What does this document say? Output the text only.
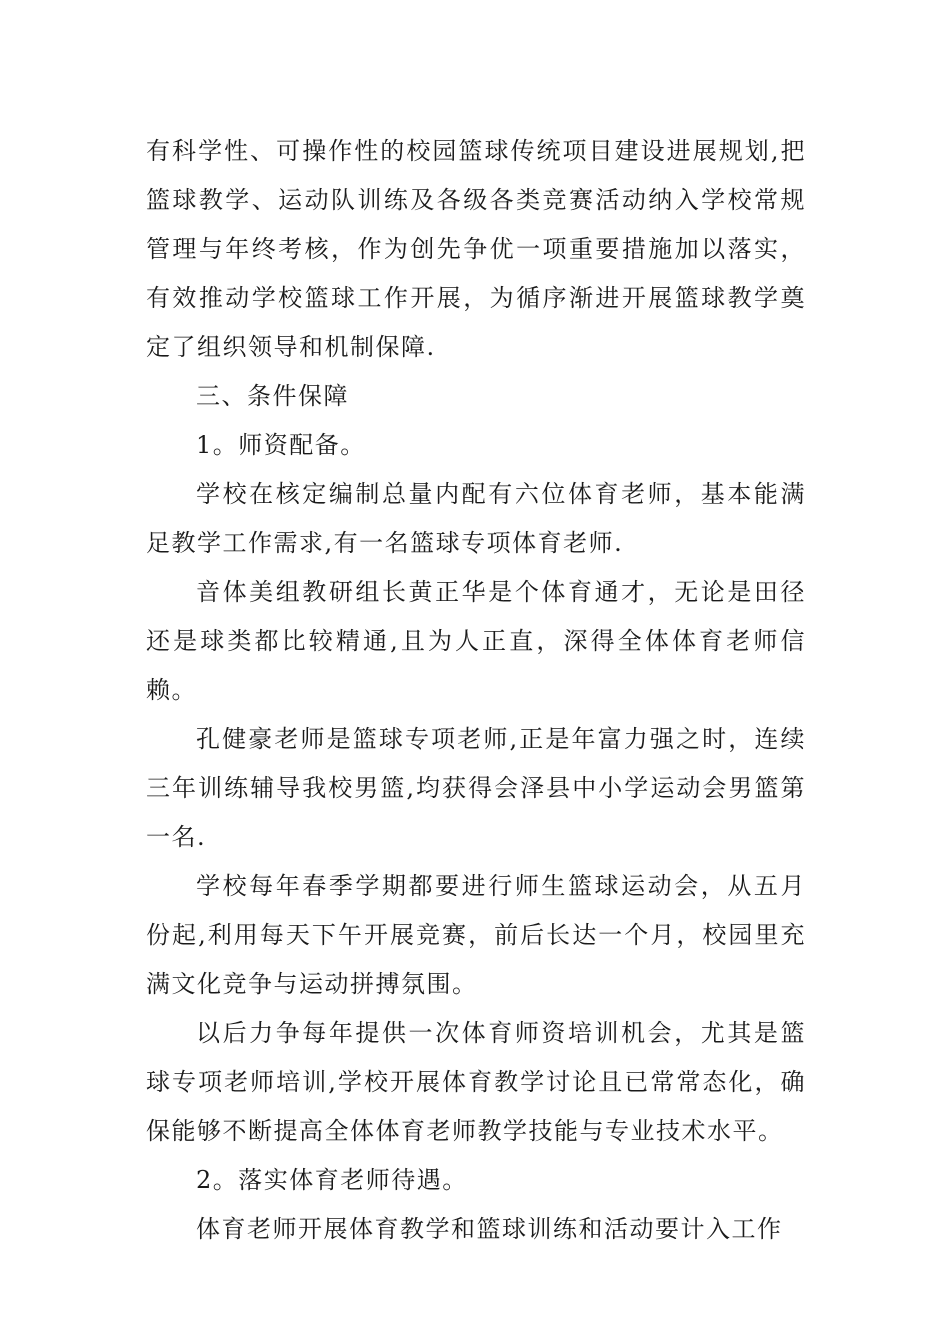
有科学性、可操作性的校园篮球传统项目建设进展规划,把篮球教学、运动队训练及各级各类竞赛活动纳入学校常规管理与年终考核，作为创先争优一项重要措施加以落实，有效推动学校篮球工作开展，为循序渐进开展篮球教学奠定了组织领导和机制保障.

三、条件保障

1。师资配备。

学校在核定编制总量内配有六位体育老师，基本能满足教学工作需求,有一名篮球专项体育老师.

音体美组教研组长黄正华是个体育通才，无论是田径还是球类都比较精通,且为人正直，深得全体体育老师信赖。

孔健豪老师是篮球专项老师,正是年富力强之时，连续三年训练辅导我校男篮,均获得会泽县中小学运动会男篮第一名.

学校每年春季学期都要进行师生篮球运动会，从五月份起,利用每天下午开展竞赛，前后长达一个月，校园里充满文化竞争与运动拼搏氛围。

以后力争每年提供一次体育师资培训机会，尤其是篮球专项老师培训,学校开展体育教学讨论且已常常态化，确保能够不断提高全体体育老师教学技能与专业技术水平。

2。落实体育老师待遇。

体育老师开展体育教学和篮球训练和活动要计入工作
